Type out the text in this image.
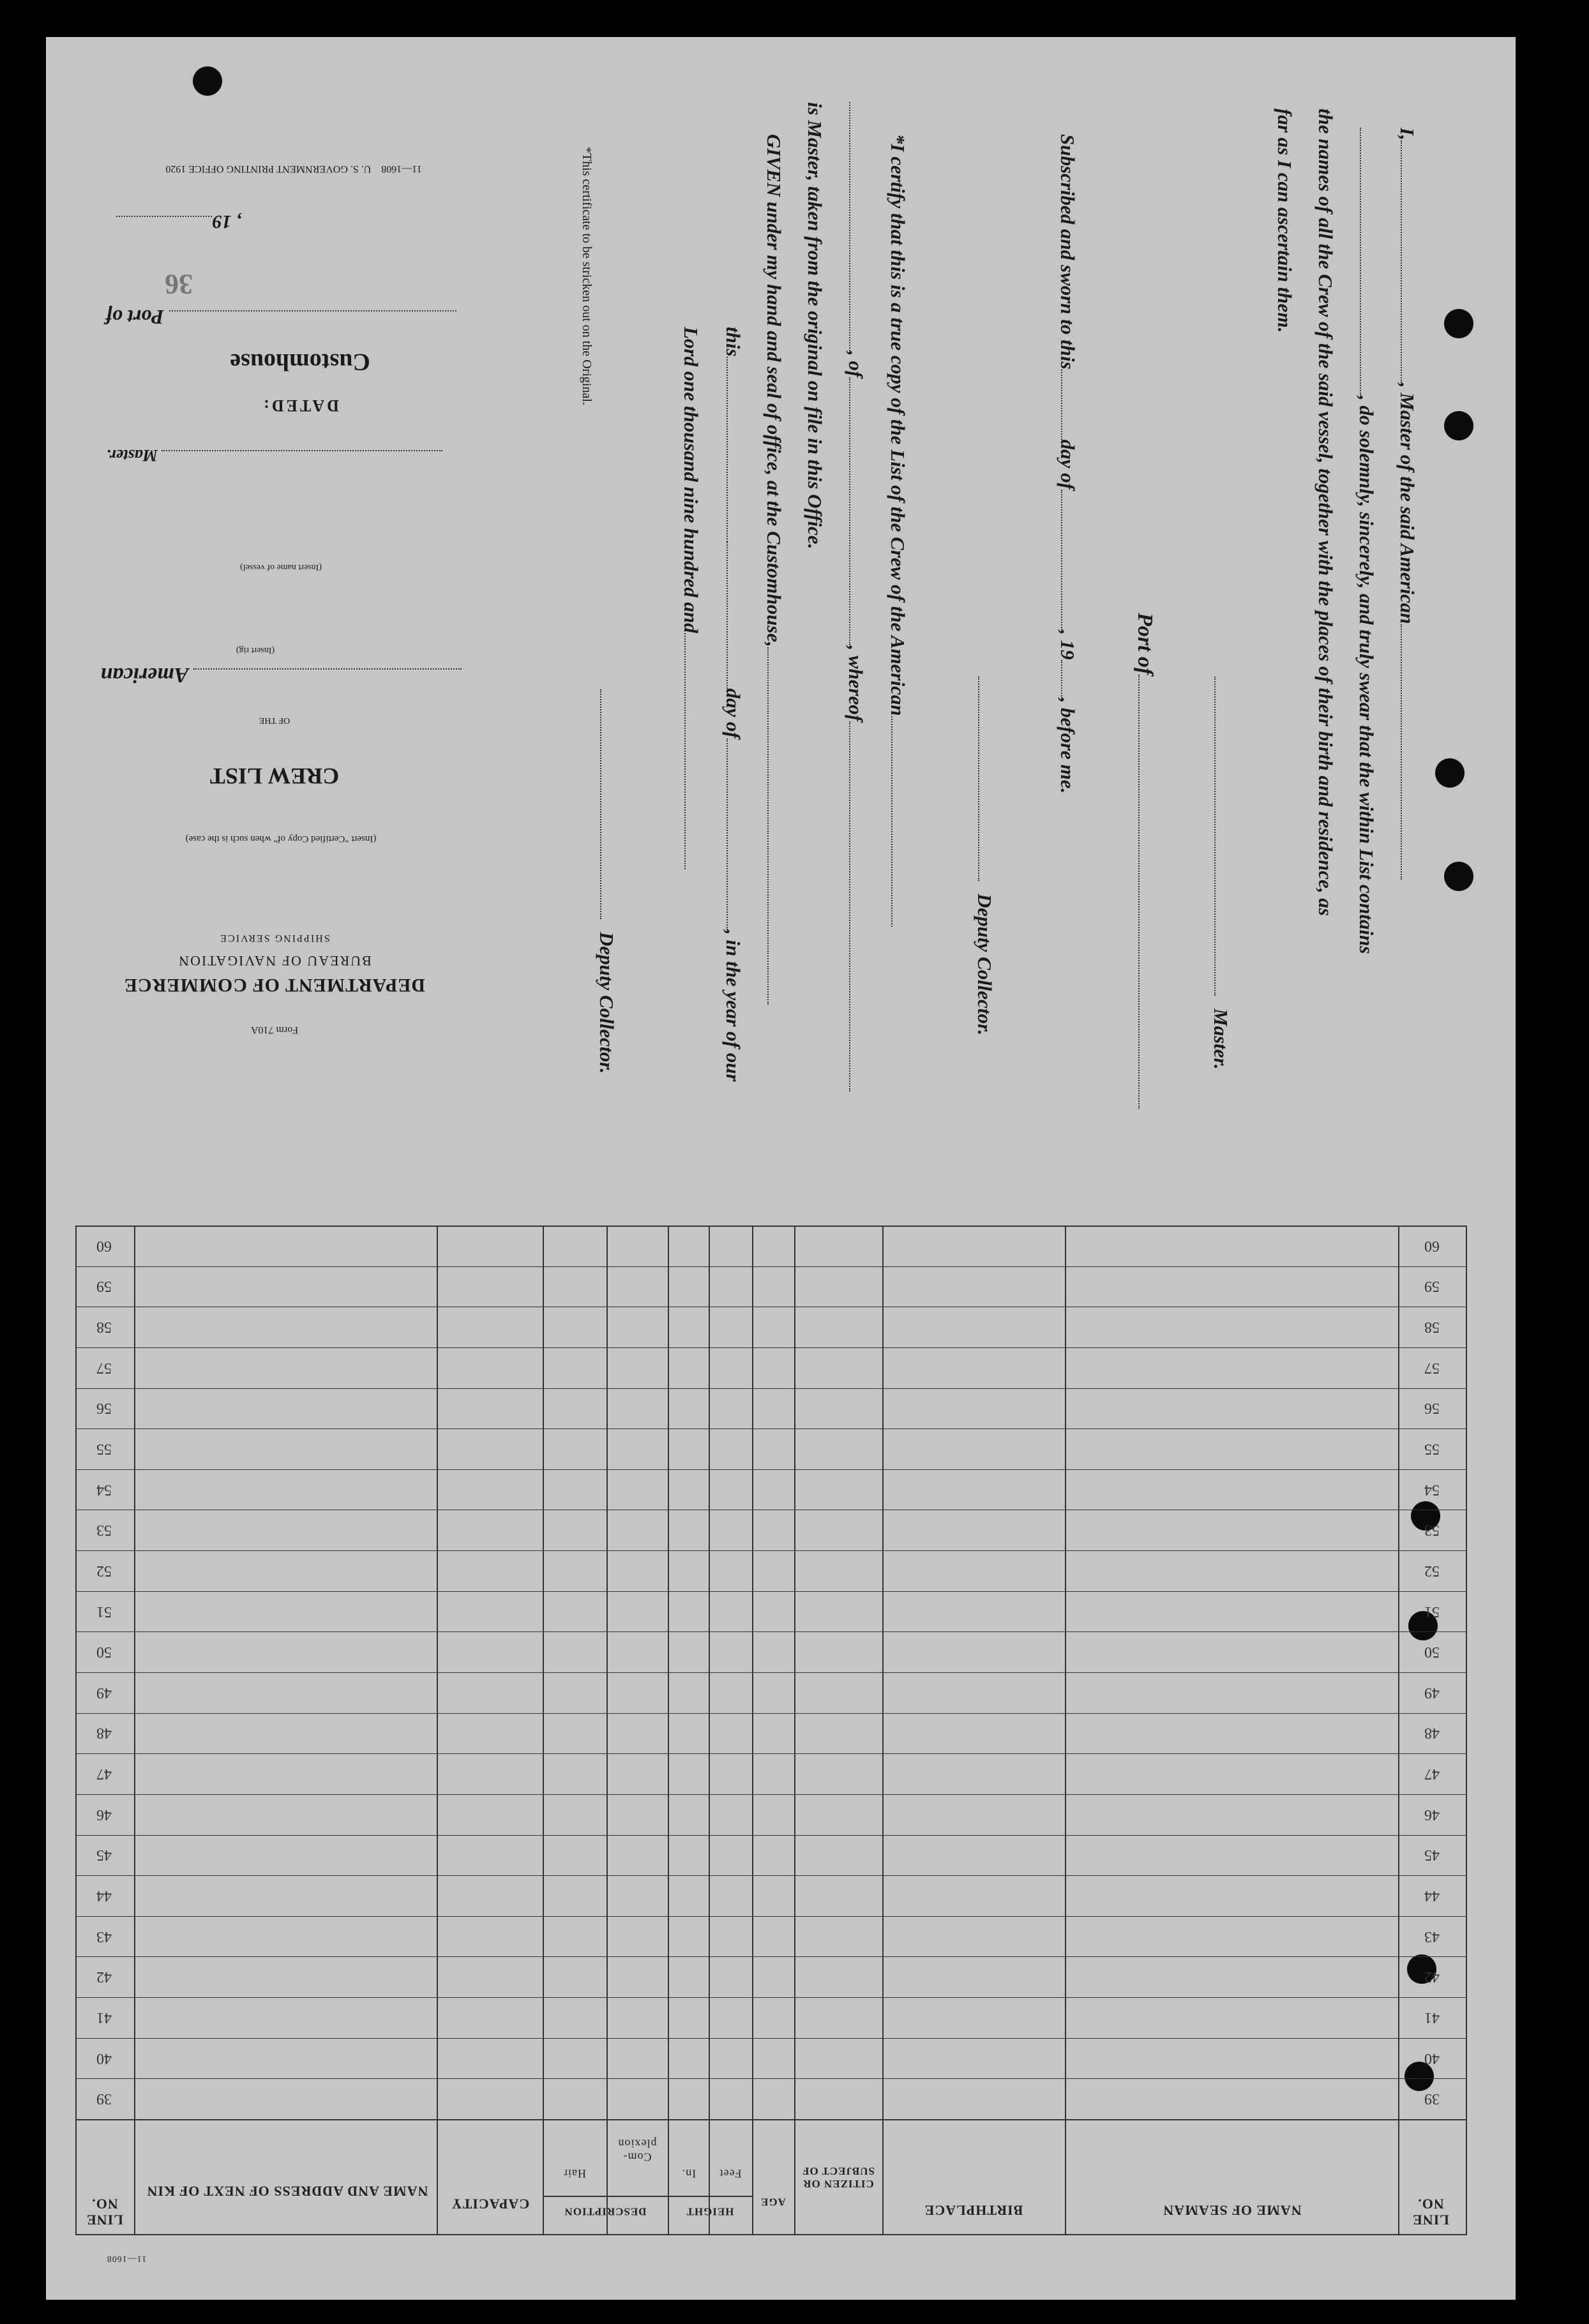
I,, Master of the said American
, do solemnly, sincerely, and truly swear that the within List contains
the names of all the Crew of the said vessel, together with the places of their birth and residence, as
far as I can ascertain them.
Master.
Port of
Subscribed and sworn to thisday of, 19, before me.
Deputy Collector.
*I certify that this is a true copy of the List of the Crew of the American
, of, whereof
is Master, taken from the original on file in this Office.
GIVEN under my hand and seal of office, at the Customhouse,
thisday of, in the year of our
Lord one thousand nine hundred and
Deputy Collector.
*This certificate to be stricken out on the Original.
11—1608    U. S. GOVERNMENT PRINTING OFFICE 1920
, 19
36
Port of
Customhouse
DATED:
Master.
(Insert name of vessel)
American
(Insert rig)
OF THE
CREW LIST
(Insert "Certified Copy of" when such is the case)
SHIPPING SERVICE
BUREAU OF NAVIGATION
DEPARTMENT OF COMMERCE
Form 710A
LINE NO.
NAME OF SEAMAN
BIRTHPLACE
CITIZEN OR SUBJECT OF
AGE
HEIGHT
Feet
In.
DESCRIPTION
Com- plexion
Hair
CAPACITY
NAME AND ADDRESS OF NEXT OF KIN
LINE NO.
11—1608
39
39
40
40
41
41
42
42
43
43
44
44
45
45
46
46
47
47
48
48
49
49
50
50
51
51
52
52
53
53
54
54
55
55
56
56
57
57
58
58
59
59
60
60
